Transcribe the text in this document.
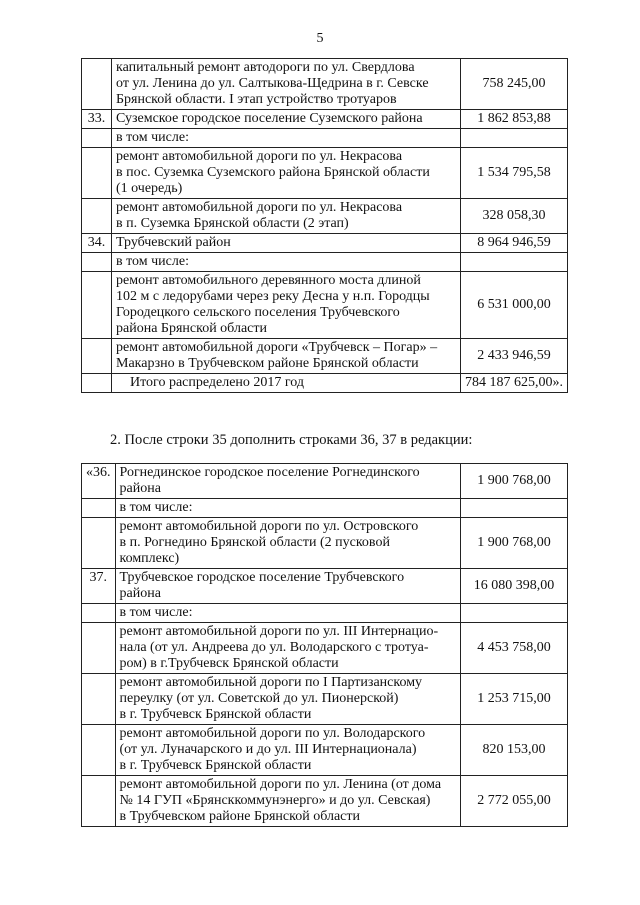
5
	капитальный ремонт автодороги по ул. Свердлова
от ул. Ленина до ул. Салтыкова-Щедрина в г. Севске
Брянской области. I этап устройство тротуаров	758 245,00
33.	Суземское городское поселение Суземского района	1 862 853,88
	в том числе:	
	ремонт автомобильной дороги по ул. Некрасова
в пос. Суземка Суземского района Брянской области
(1 очередь)	1 534 795,58
	ремонт автомобильной дороги по ул. Некрасова
в п. Суземка Брянской области (2 этап)	328 058,30
34.	Трубчевский район	8 964 946,59
	в том числе:	
	ремонт автомобильного деревянного моста длиной
102 м с ледорубами через реку Десна у н.п. Городцы
Городецкого сельского поселения Трубчевского
района Брянской области	6 531 000,00
	ремонт автомобильной дороги «Трубчевск – Погар» –
Макарзно в Трубчевском районе Брянской области	2 433 946,59
	Итого распределено 2017 год	784 187 625,00».
2. После строки 35 дополнить строками 36, 37 в редакции:
«36.	Рогнединское городское поселение Рогнединского
района	1 900 768,00
	в том числе:	
	ремонт автомобильной дороги по ул. Островского
в п. Рогнедино Брянской области (2 пусковой
комплекс)	1 900 768,00
37.	Трубчевское городское поселение Трубчевского
района	16 080 398,00
	в том числе:	
	ремонт автомобильной дороги по ул. III Интернацио-
нала (от ул. Андреева до ул. Володарского с тротуа-
ром) в г.Трубчевск Брянской области	4 453 758,00
	ремонт автомобильной дороги по I Партизанскому
переулку (от ул. Советской до ул. Пионерской)
в г. Трубчевск Брянской области	1 253 715,00
	ремонт автомобильной дороги по ул. Володарского
(от ул. Луначарского и до ул. III Интернационала)
в г. Трубчевск Брянской области	820 153,00
	ремонт автомобильной дороги по ул. Ленина (от дома
№ 14 ГУП «Брянсккоммунэнерго» и до ул. Севская)
в Трубчевском районе Брянской области	2 772 055,00
